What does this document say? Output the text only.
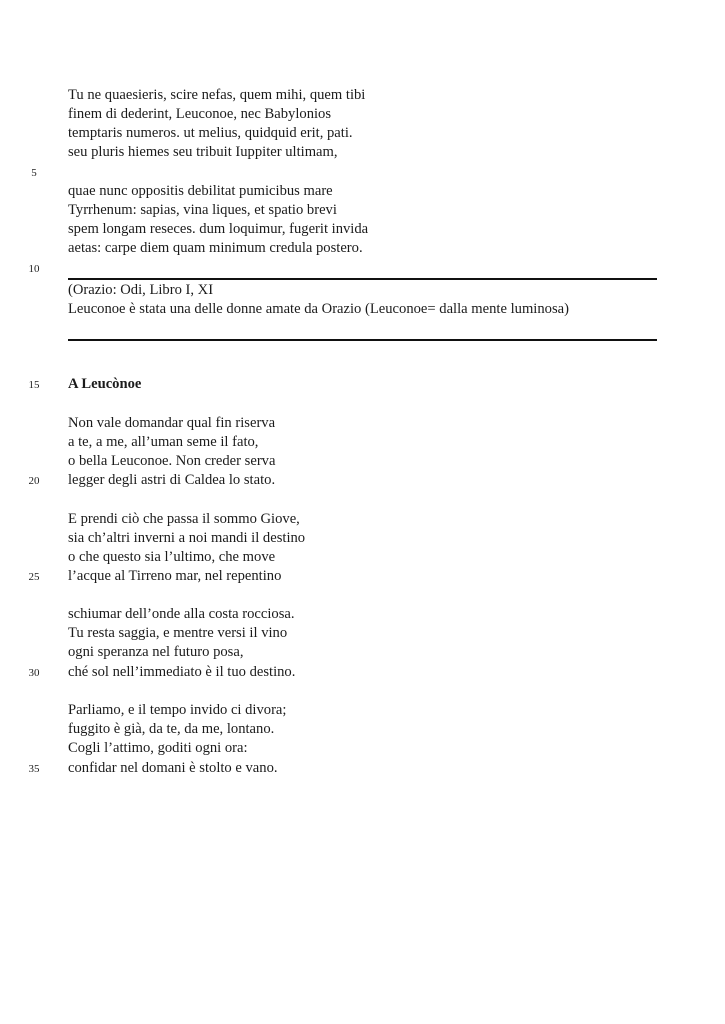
Tu ne quaesieris, scire nefas, quem mihi, quem tibi
finem di dederint, Leuconoe, nec Babylonios
temptaris numeros. ut melius, quidquid erit, pati.
seu pluris hiemes seu tribuit Iuppiter ultimam,
5
quae nunc oppositis debilitat pumicibus mare
Tyrrhenum: sapias, vina liques, et spatio brevi
spem longam reseces. dum loquimur, fugerit invida
aetas: carpe diem quam minimum credula postero.
10
(Orazio: Odi, Libro I, XI
Leuconoe è stata una delle donne amate da Orazio (Leuconoe= dalla mente luminosa)
15	A Leucònoe
Non vale domandar qual fin riserva
a te, a me, all’uman seme il fato,
o bella Leuconoe. Non creder serva
20	legger degli astri di Caldea lo stato.
E prendi ciò che passa il sommo Giove,
sia ch’altri inverni a noi mandi il destino
o che questo sia l’ultimo, che move
25	l’acque al Tirreno mar, nel repentino
schiumar dell’onde alla costa rocciosa.
Tu resta saggia, e mentre versi il vino
ogni speranza nel futuro posa,
30	ché sol nell’immediato è il tuo destino.
Parliamo, e il tempo invido ci divora;
fuggito è già, da te, da me, lontano.
Cogli l’attimo, goditi ogni ora:
35	confidar nel domani è stolto e vano.
